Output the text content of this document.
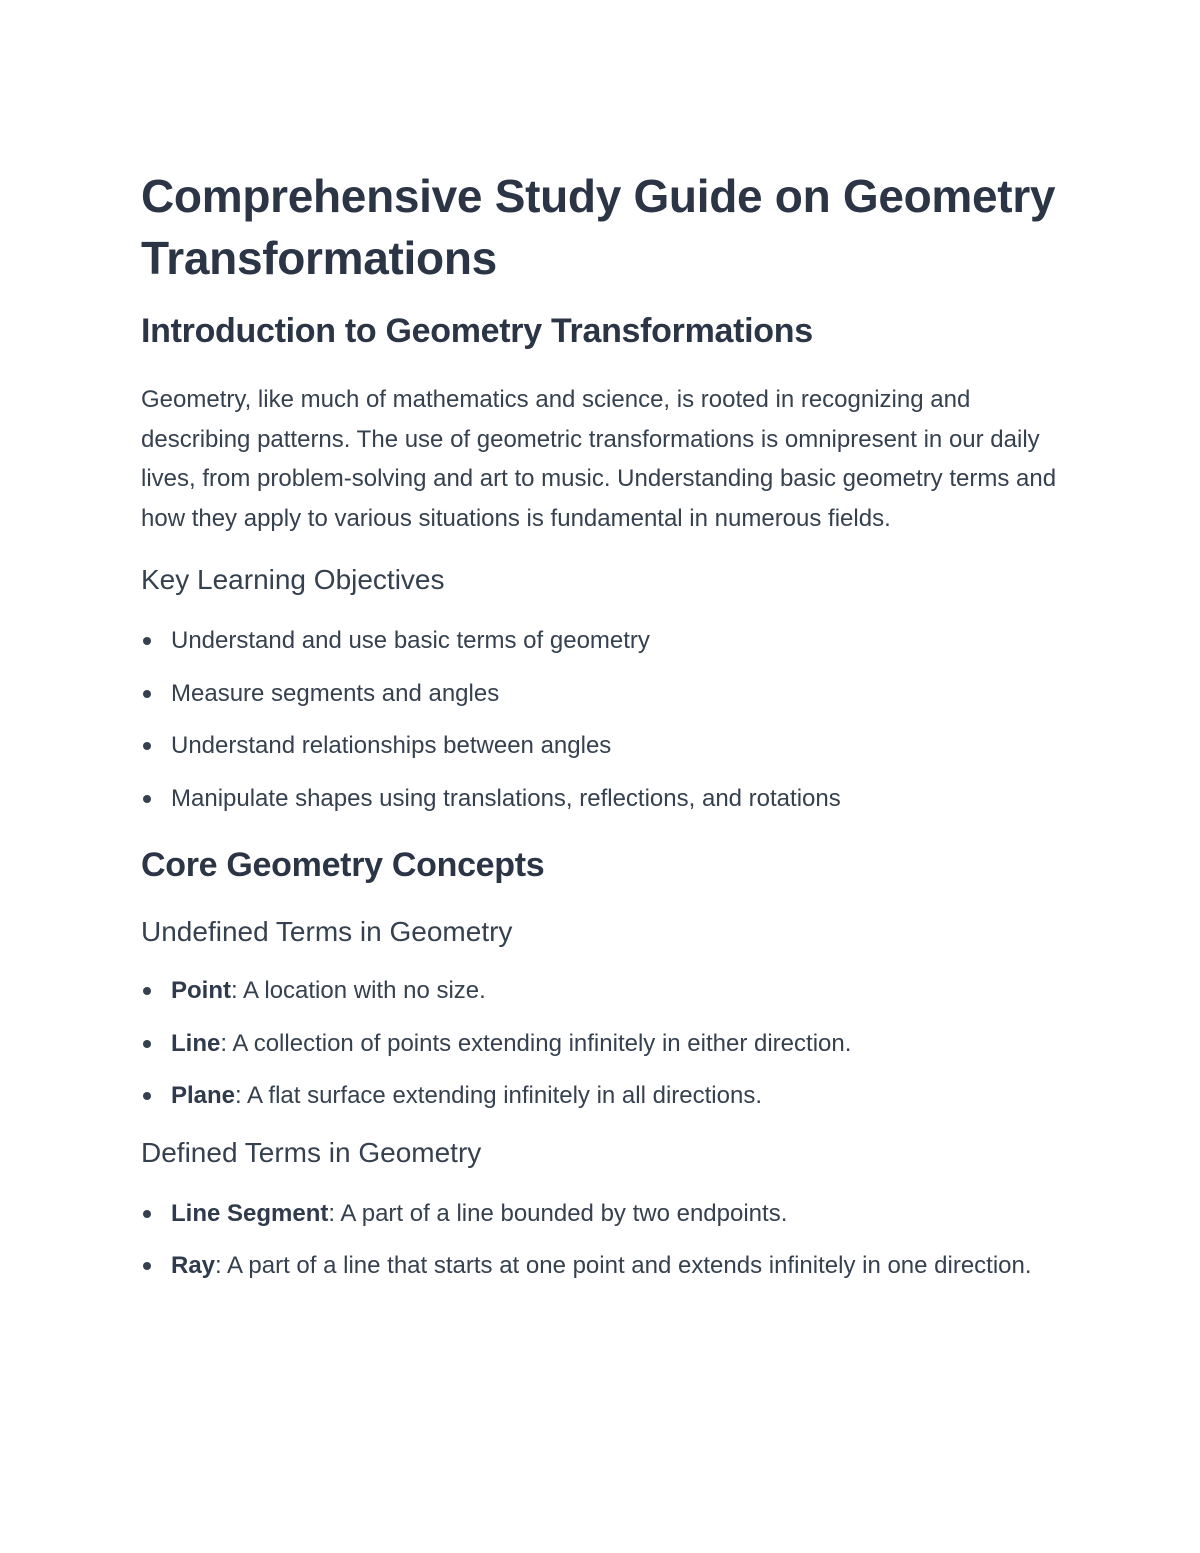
Comprehensive Study Guide on Geometry Transformations
Introduction to Geometry Transformations

Geometry, like much of mathematics and science, is rooted in recognizing and describing patterns. The use of geometric transformations is omnipresent in our daily lives, from problem-solving and art to music. Understanding basic geometry terms and how they apply to various situations is fundamental in numerous fields.

Key Learning Objectives
Understand and use basic terms of geometry
Measure segments and angles
Understand relationships between angles
Manipulate shapes using translations, reflections, and rotations
Core Geometry Concepts
Undefined Terms in Geometry
Point: A location with no size.
Line: A collection of points extending infinitely in either direction.
Plane: A flat surface extending infinitely in all directions.
Defined Terms in Geometry
Line Segment: A part of a line bounded by two endpoints.
Ray: A part of a line that starts at one point and extends infinitely in one direction.
